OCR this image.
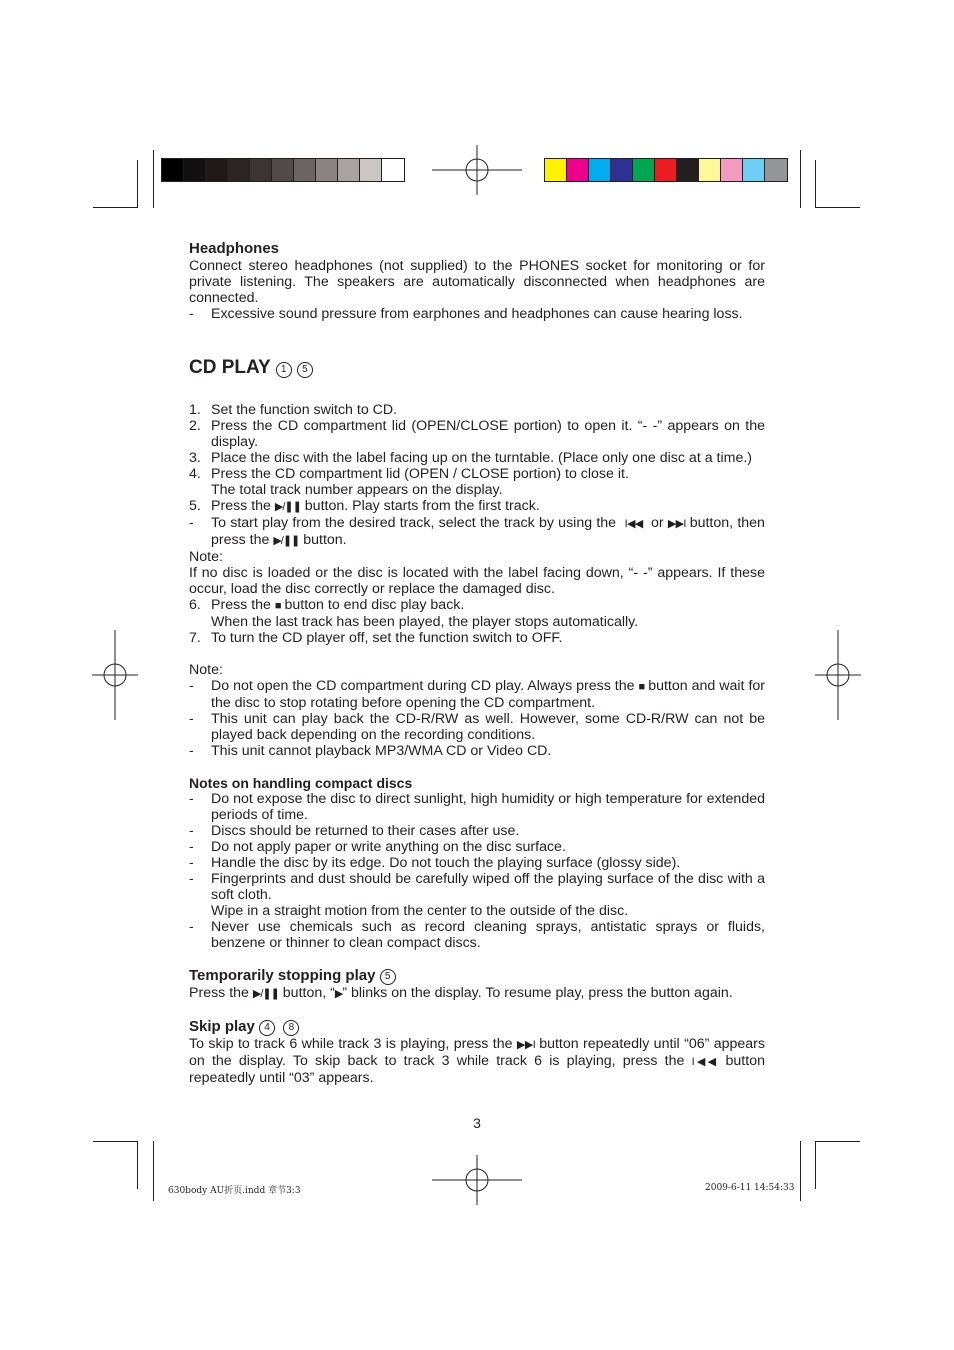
Headphones
Connect stereo headphones (not supplied) to the PHONES socket for monitoring or for private listening. The speakers are automatically disconnected when headphones are connected.
-	Excessive sound pressure from earphones and headphones can cause hearing loss.
CD PLAY 1 5
1. Set the function switch to CD.
2. Press the CD compartment lid (OPEN/CLOSE portion) to open it. “- -” appears on the display.
3. Place the disc with the label facing up on the turntable. (Place only one disc at a time.)
4. Press the CD compartment lid (OPEN / CLOSE portion) to close it.
The total track number appears on the display.
5. Press the ▶/❚❚ button. Play starts from the first track.
-	To start play from the desired track, select the track by using the I◀◀ or ▶▶I button, then press the ▶/❚❚ button.
Note:
If no disc is loaded or the disc is located with the label facing down, “- -” appears. If these occur, load the disc correctly or replace the damaged disc.
6. Press the ■ button to end disc play back.
When the last track has been played, the player stops automatically.
7. To turn the CD player off, set the function switch to OFF.
Note:
-	Do not open the CD compartment during CD play. Always press the ■ button and wait for the disc to stop rotating before opening the CD compartment.
-	This unit can play back the CD-R/RW as well. However, some CD-R/RW can not be played back depending on the recording conditions.
-	This unit cannot playback MP3/WMA CD or Video CD.
Notes on handling compact discs
-	Do not expose the disc to direct sunlight, high humidity or high temperature for extended periods of time.
-	Discs should be returned to their cases after use.
-	Do not apply paper or write anything on the disc surface.
-	Handle the disc by its edge. Do not touch the playing surface (glossy side).
-	Fingerprints and dust should be carefully wiped off the playing surface of the disc with a soft cloth.
Wipe in a straight motion from the center to the outside of the disc.
-	Never use chemicals such as record cleaning sprays, antistatic sprays or fluids, benzene or thinner to clean compact discs.
Temporarily stopping play 5
Press the ▶/❚❚ button, “▶” blinks on the display. To resume play, press the button again.
Skip play 4 8
To skip to track 6 while track 3 is playing, press the ▶▶I button repeatedly until “06” appears on the display. To skip back to track 3 while track 6 is playing, press the I◀◀ button repeatedly until “03” appears.
3
630body AU折页.indd 章节3:3	2009-6-11 14:54:33
